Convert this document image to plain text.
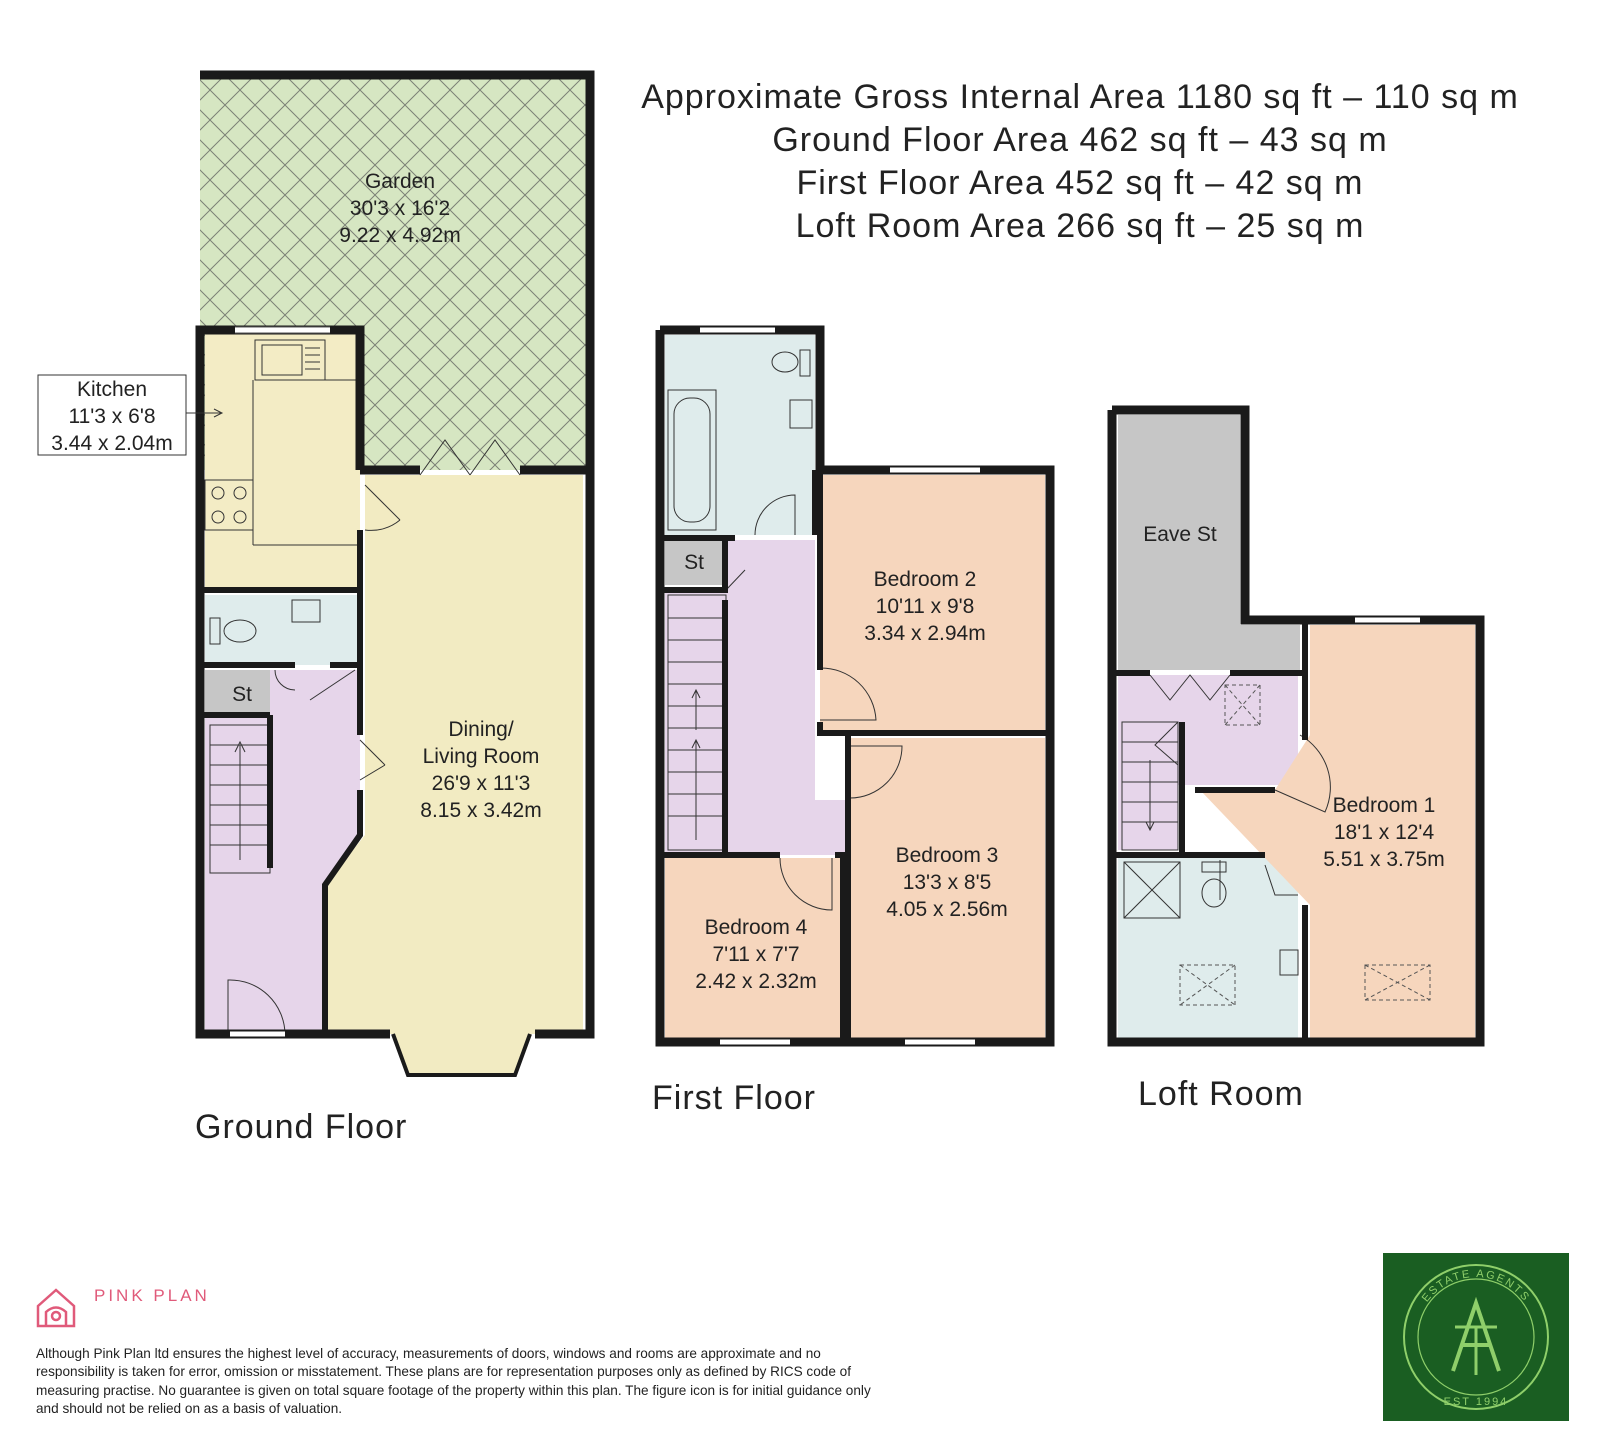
Garden
30'3 x 16'2
9.22 x 4.92m
Kitchen
11'3 x 6'8
3.44 x 2.04m
Dining/
Living Room
26'9 x 11'3
8.15 x 3.42m
St
St
Bedroom 2
10'11 x 9'8
3.34 x 2.94m
Bedroom 3
13'3 x 8'5
4.05 x 2.56m
Bedroom 4
7'11 x 7'7
2.42 x 2.32m
Eave St
Bedroom 1
18'1 x 12'4
5.51 x 3.75m
Approximate Gross Internal Area 1180 sq ft – 110 sq m
Ground Floor Area 462 sq ft – 43 sq m
First Floor Area 452 sq ft – 42 sq m
Loft Room Area 266 sq ft – 25 sq m
Ground Floor
First Floor	Loft Room
PINK PLAN
Although Pink Plan ltd ensures the highest level of accuracy, measurements of doors, windows and rooms are approximate and no responsibility is taken for error, omission or misstatement. These plans are for representation purposes only as defined by RICS code of measuring practise. No guarantee is given on total square footage of the property within this plan. The figure icon is for initial guidance only and should not be relied on as a basis of valuation.
ESTATE AGENTS
EST 1994
